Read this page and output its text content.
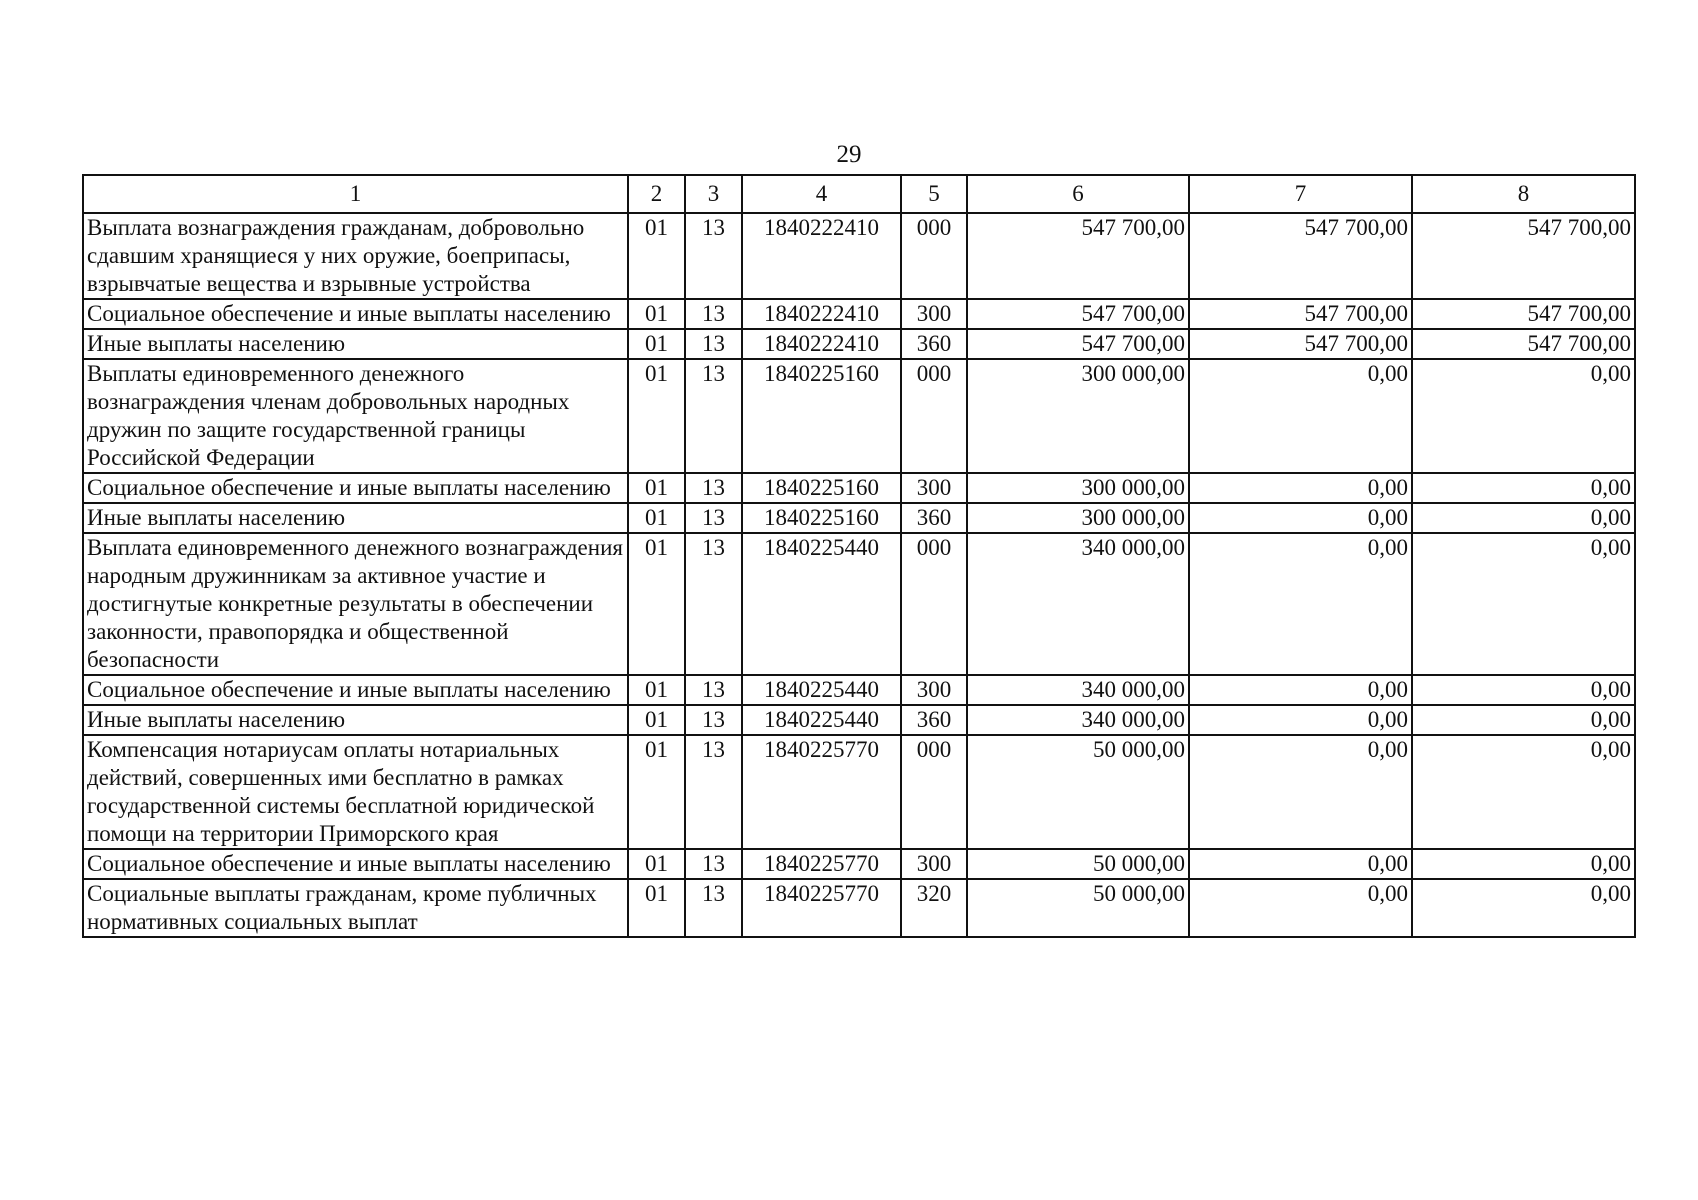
29
1	2	3	4	5	6	7	8
Выплата вознаграждения гражданам, добровольно сдавшим хранящиеся у них оружие, боеприпасы, взрывчатые вещества и взрывные устройства	01	13	1840222410	000	547 700,00	547 700,00	547 700,00
Социальное обеспечение и иные выплаты населению	01	13	1840222410	300	547 700,00	547 700,00	547 700,00
Иные выплаты населению	01	13	1840222410	360	547 700,00	547 700,00	547 700,00
Выплаты единовременного денежного вознаграждения членам добровольных народных дружин по защите государственной границы Российской Федерации	01	13	1840225160	000	300 000,00	0,00	0,00
Социальное обеспечение и иные выплаты населению	01	13	1840225160	300	300 000,00	0,00	0,00
Иные выплаты населению	01	13	1840225160	360	300 000,00	0,00	0,00
Выплата единовременного денежного вознаграждения народным дружинникам за активное участие и достигнутые конкретные результаты в обеспечении законности, правопорядка и общественной безопасности	01	13	1840225440	000	340 000,00	0,00	0,00
Социальное обеспечение и иные выплаты населению	01	13	1840225440	300	340 000,00	0,00	0,00
Иные выплаты населению	01	13	1840225440	360	340 000,00	0,00	0,00
Компенсация нотариусам оплаты нотариальных действий, совершенных ими бесплатно в рамках государственной системы бесплатной юридической помощи на территории Приморского края	01	13	1840225770	000	50 000,00	0,00	0,00
Социальное обеспечение и иные выплаты населению	01	13	1840225770	300	50 000,00	0,00	0,00
Социальные выплаты гражданам, кроме публичных нормативных социальных выплат	01	13	1840225770	320	50 000,00	0,00	0,00
